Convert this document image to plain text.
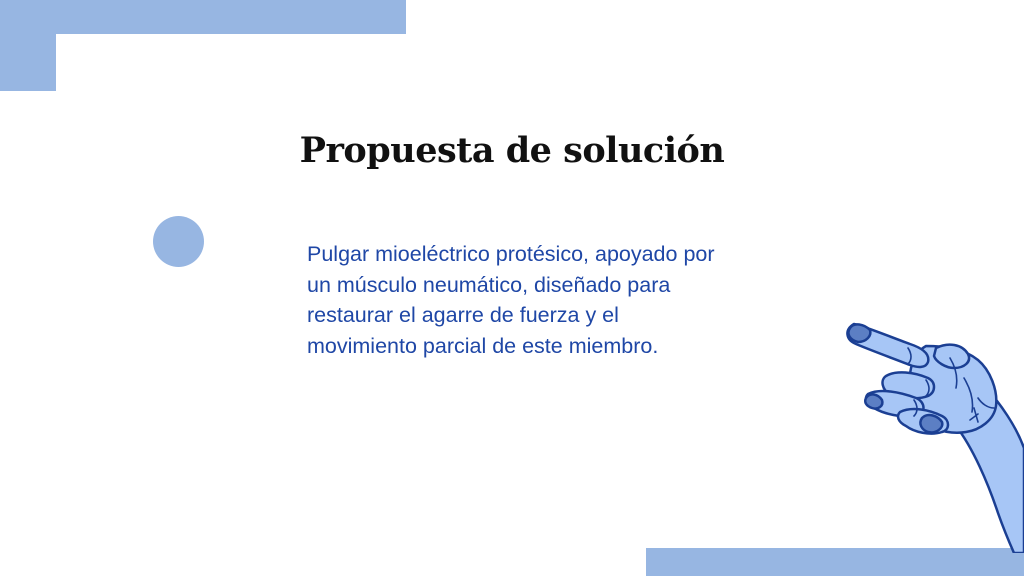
Propuesta de solución

Pulgar mioeléctrico protésico, apoyado por un músculo neumático, diseñado para restaurar el agarre de fuerza y el movimiento parcial de este miembro.
